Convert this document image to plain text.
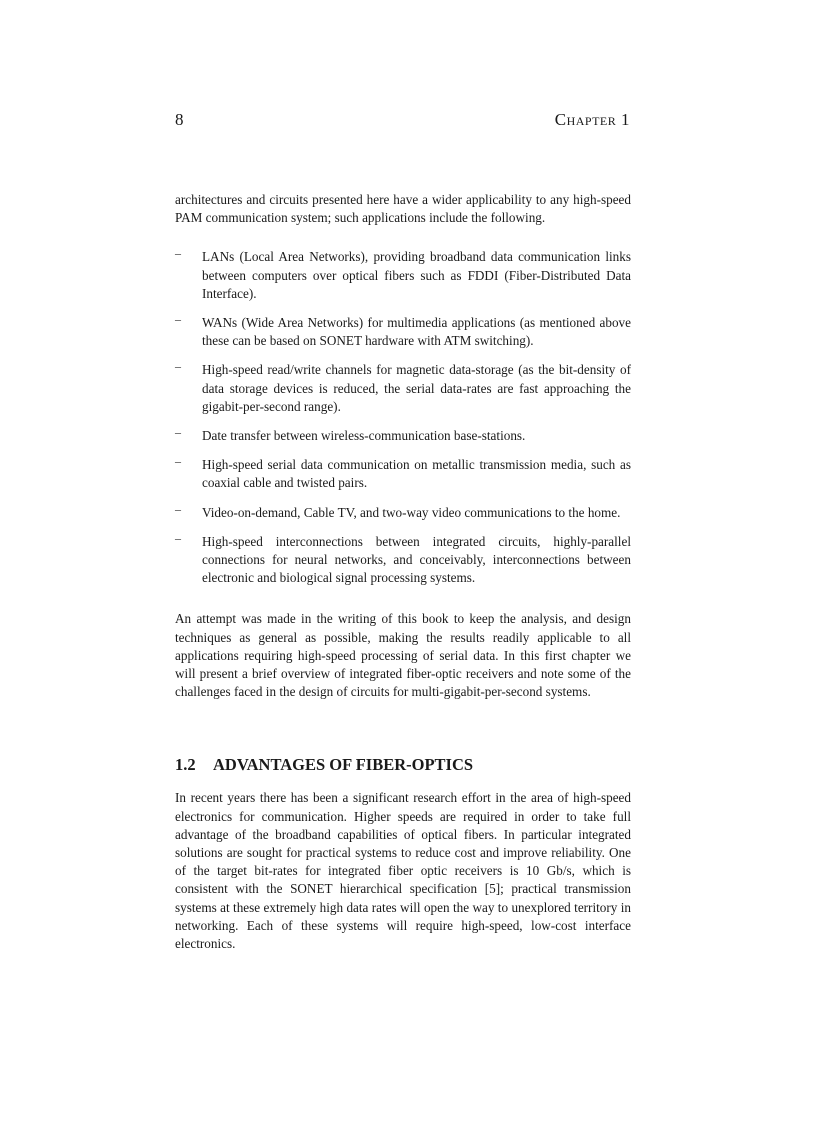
8	Chapter 1

architectures and circuits presented here have a wider applicability to any high-speed PAM communication system; such applications include the following.

– LANs (Local Area Networks), providing broadband data communication links between computers over optical fibers such as FDDI (Fiber-Distributed Data Interface).
– WANs (Wide Area Networks) for multimedia applications (as mentioned above these can be based on SONET hardware with ATM switching).
– High-speed read/write channels for magnetic data-storage (as the bit-density of data storage devices is reduced, the serial data-rates are fast approaching the gigabit-per-second range).
– Date transfer between wireless-communication base-stations.
– High-speed serial data communication on metallic transmission media, such as coaxial cable and twisted pairs.
– Video-on-demand, Cable TV, and two-way video communications to the home.
– High-speed interconnections between integrated circuits, highly-parallel connections for neural networks, and conceivably, interconnections between electronic and biological signal processing systems.

An attempt was made in the writing of this book to keep the analysis, and design techniques as general as possible, making the results readily applicable to all applications requiring high-speed processing of serial data. In this first chapter we will present a brief overview of integrated fiber-optic receivers and note some of the challenges faced in the design of circuits for multi-gigabit-per-second systems.

1.2 ADVANTAGES OF FIBER-OPTICS

In recent years there has been a significant research effort in the area of high-speed electronics for communication. Higher speeds are required in order to take full advantage of the broadband capabilities of optical fibers. In particular integrated solutions are sought for practical systems to reduce cost and improve reliability. One of the target bit-rates for integrated fiber optic receivers is 10 Gb/s, which is consistent with the SONET hierarchical specification [5]; practical transmission systems at these extremely high data rates will open the way to unexplored territory in networking. Each of these systems will require high-speed, low-cost interface electronics.
